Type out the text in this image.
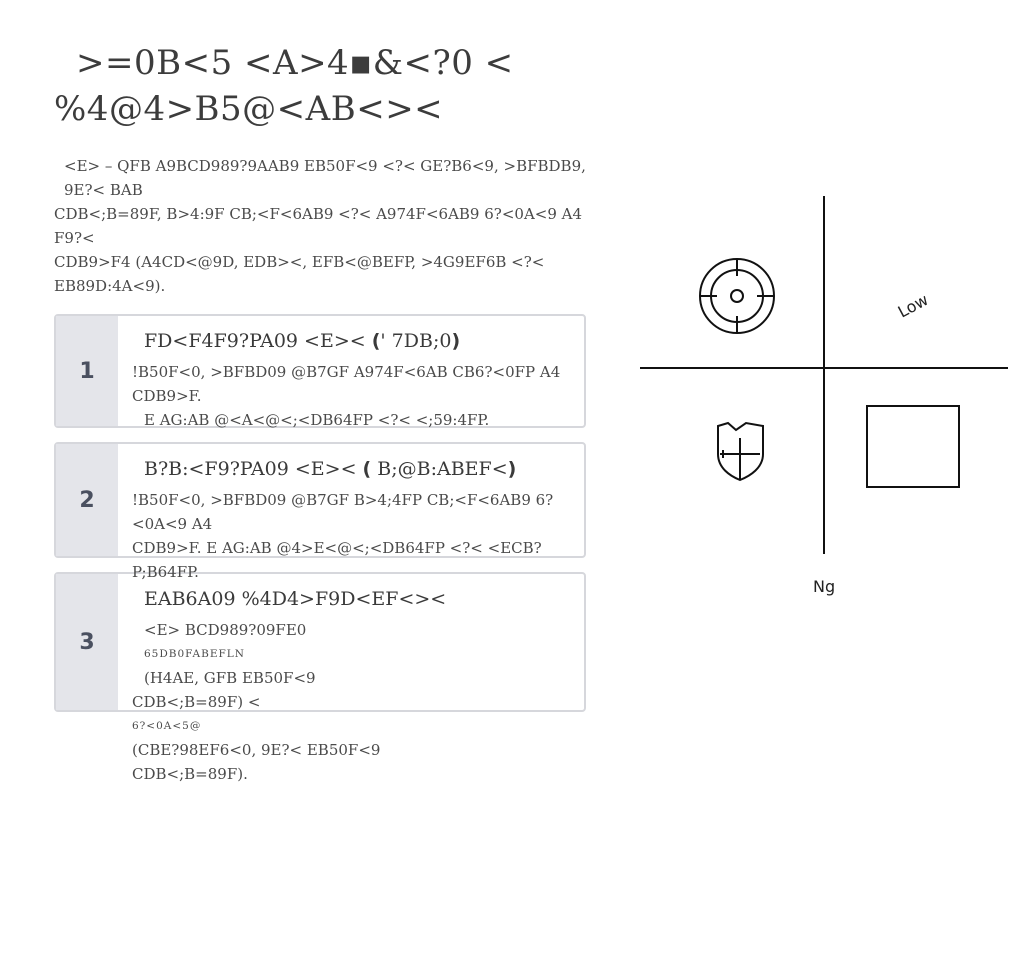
>=0B<5 <A>4▪&<?0 <
%4@4>B5@<AB<><
<E> – QFB A9BCD989?9AAB9 EB50F<9 <?< GE?B6<9, >BFBDB9, 9E?< BAB
CDB<;B=89F, B>4:9F CB;<F<6AB9 <?< A974F<6AB9 6?<0A<9 A4 F9?<
CDB9>F4 (A4CD<@9D, EDB><, EFB<@BEFP, >4G9EF6B <?< EB89D:4A<9).
1
FD<F4F9?PA09 <E>< (' 7DB;0)
!B50F<0, >BFBD09 @B7GF A974F<6AB CB6?<0FP A4 CDB9>F.
E AG:AB @<A<@<;<DB64FP <?< <;59:4FP.
2
B?B:<F9?PA09 <E>< ( B;@B:ABEF<)
!B50F<0, >BFBD09 @B7GF B>4;4FP CB;<F<6AB9 6?<0A<9 A4
CDB9>F. E AG:AB @4>E<@<;<DB64FP <?< <ECB?P;B64FP.
3
EAB6A09 %4D4>F9D<EF<><
<E> BCD989?09FE0
65DB0FABEFLN
(H4AE, GFB EB50F<9
CDB<;B=89F) <
6?<0A<5@
(CBE?98EF6<0, 9E?< EB50F<9
CDB<;B=89F).
Low
Ng
